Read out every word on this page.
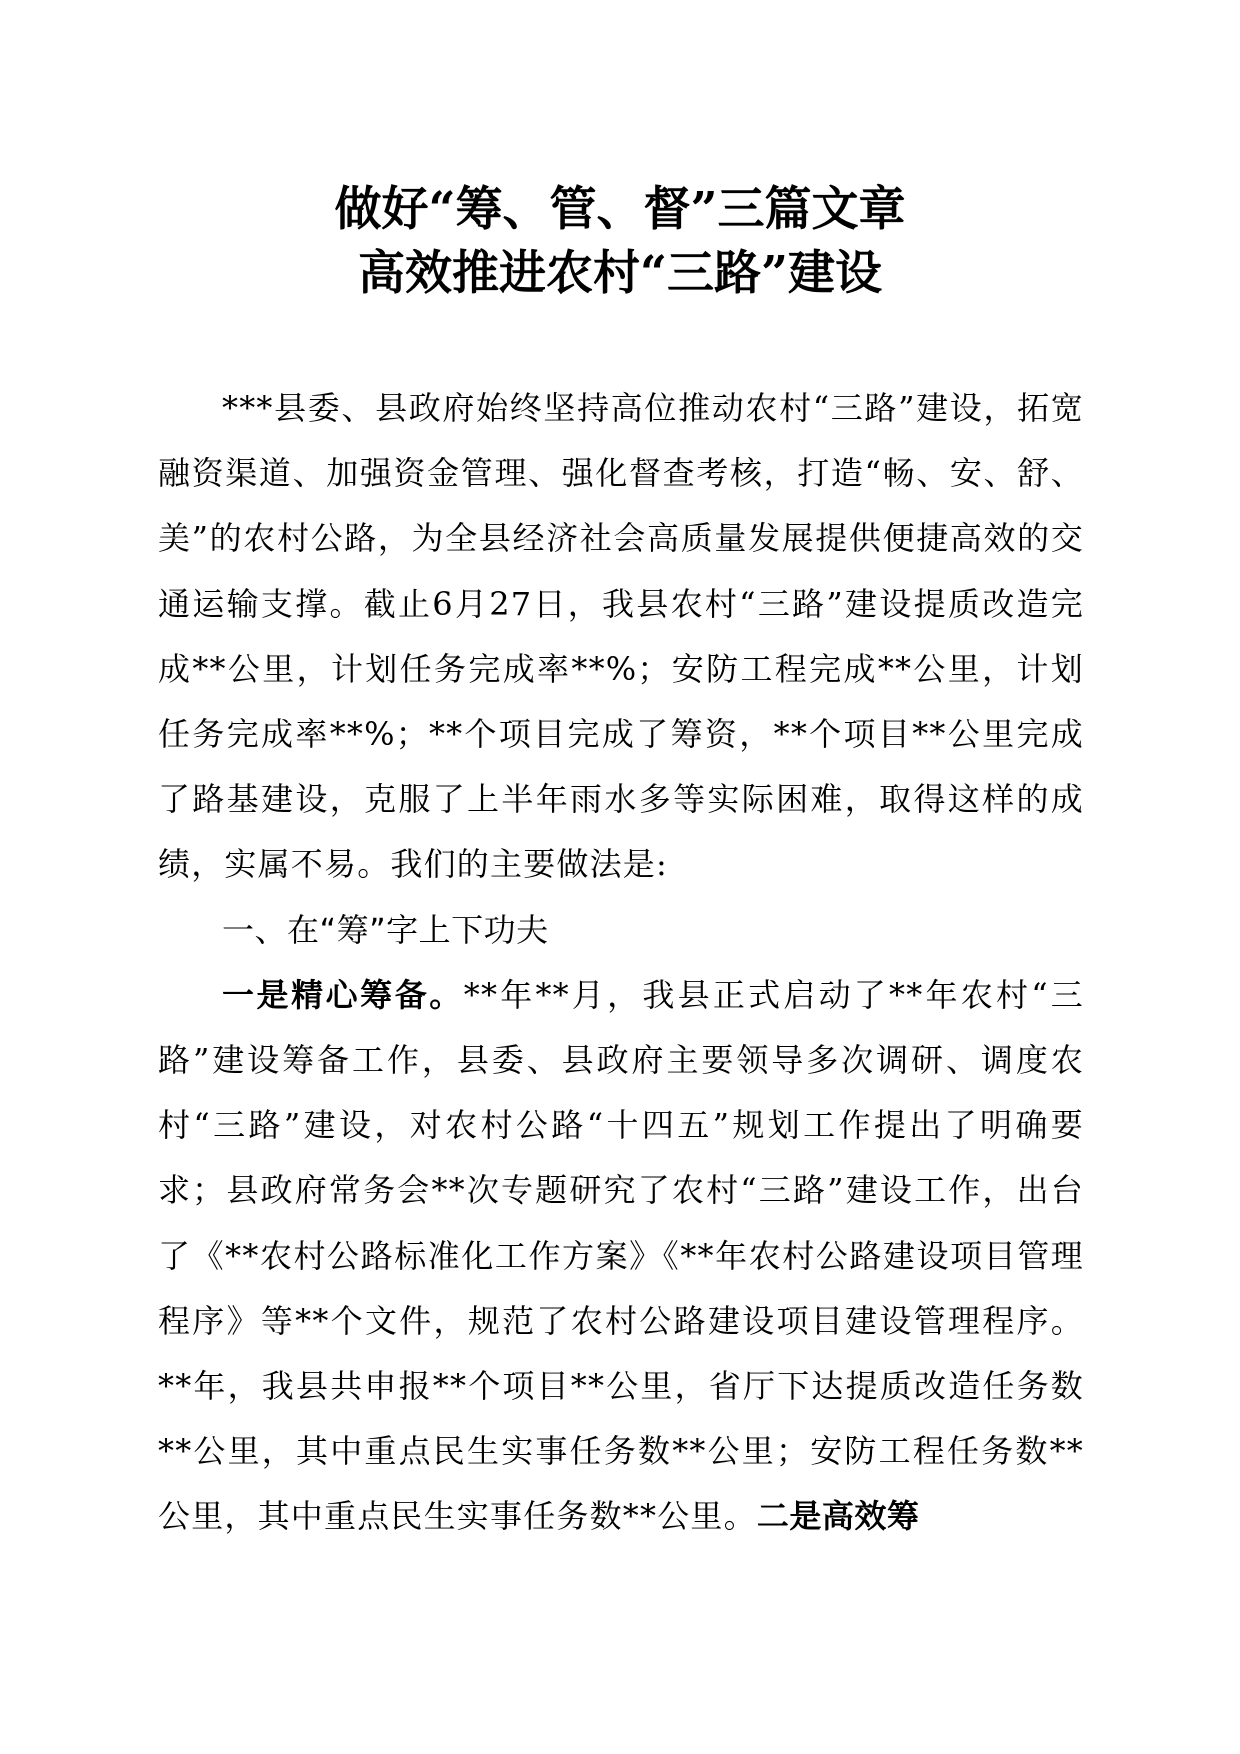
做好“筹、管、督”三篇文章
高效推进农村“三路”建设

***县委、县政府始终坚持高位推动农村“三路”建设，拓宽融资渠道、加强资金管理、强化督查考核，打造“畅、安、舒、美”的农村公路，为全县经济社会高质量发展提供便捷高效的交通运输支撑。截止6月27日，我县农村“三路”建设提质改造完成**公里，计划任务完成率**%；安防工程完成**公里，计划任务完成率**%；**个项目完成了筹资，**个项目**公里完成了路基建设，克服了上半年雨水多等实际困难，取得这样的成绩，实属不易。我们的主要做法是:

一、在“筹”字上下功夫

一是精心筹备。**年**月，我县正式启动了**年农村“三路”建设筹备工作，县委、县政府主要领导多次调研、调度农村“三路”建设，对农村公路“十四五”规划工作提出了明确要求；县政府常务会**次专题研究了农村“三路”建设工作，出台了《**农村公路标准化工作方案》《**年农村公路建设项目管理程序》等**个文件，规范了农村公路建设项目建设管理程序。**年，我县共申报**个项目**公里，省厅下达提质改造任务数**公里，其中重点民生实事任务数**公里；安防工程任务数**公里，其中重点民生实事任务数**公里。二是高效筹
